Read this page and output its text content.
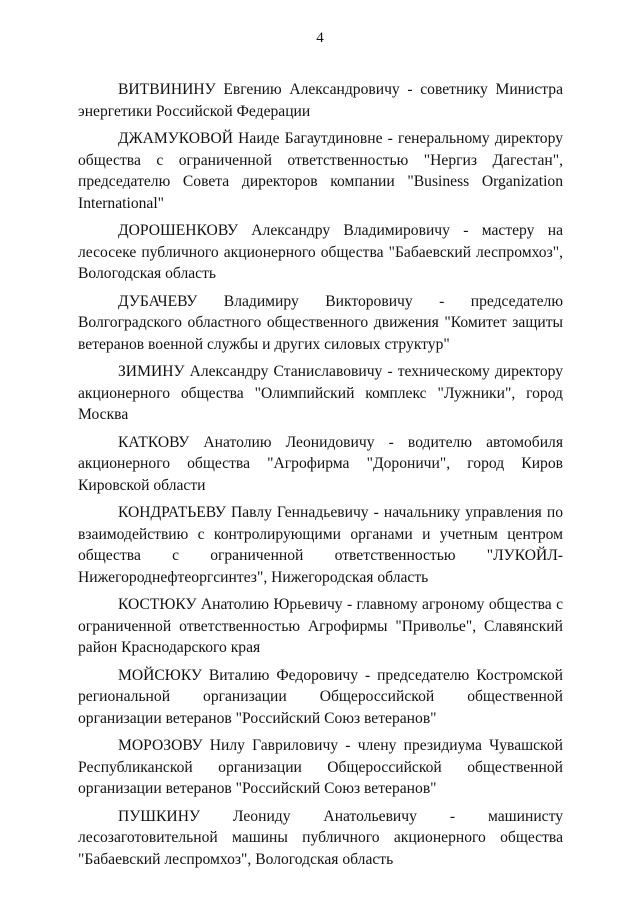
4

ВИТВИНИНУ Евгению Александровичу - советнику Министра энергетики Российской Федерации

ДЖАМУКОВОЙ Наиде Багаутдиновне - генеральному директору общества с ограниченной ответственностью "Нергиз Дагестан", председателю Совета директоров компании "Business Organization International"

ДОРОШЕНКОВУ Александру Владимировичу - мастеру на лесосеке публичного акционерного общества "Бабаевский леспромхоз", Вологодская область

ДУБАЧЕВУ Владимиру Викторовичу - председателю Волгоградского областного общественного движения "Комитет защиты ветеранов военной службы и других силовых структур"

ЗИМИНУ Александру Станиславовичу - техническому директору акционерного общества "Олимпийский комплекс "Лужники", город Москва

КАТКОВУ Анатолию Леонидовичу - водителю автомобиля акционерного общества "Агрофирма "Дороничи", город Киров Кировской области

КОНДРАТЬЕВУ Павлу Геннадьевичу - начальнику управления по взаимодействию с контролирующими органами и учетным центром общества с ограниченной ответственностью "ЛУКОЙЛ-Нижегороднефтеоргсинтез", Нижегородская область

КОСТЮКУ Анатолию Юрьевичу - главному агроному общества с ограниченной ответственностью Агрофирмы "Приволье", Славянский район Краснодарского края

МОЙСЮКУ Виталию Федоровичу - председателю Костромской региональной организации Общероссийской общественной организации ветеранов "Российский Союз ветеранов"

МОРОЗОВУ Нилу Гавриловичу - члену президиума Чувашской Республиканской организации Общероссийской общественной организации ветеранов "Российский Союз ветеранов"

ПУШКИНУ Леониду Анатольевичу - машинисту лесозаготовительной машины публичного акционерного общества "Бабаевский леспромхоз", Вологодская область
